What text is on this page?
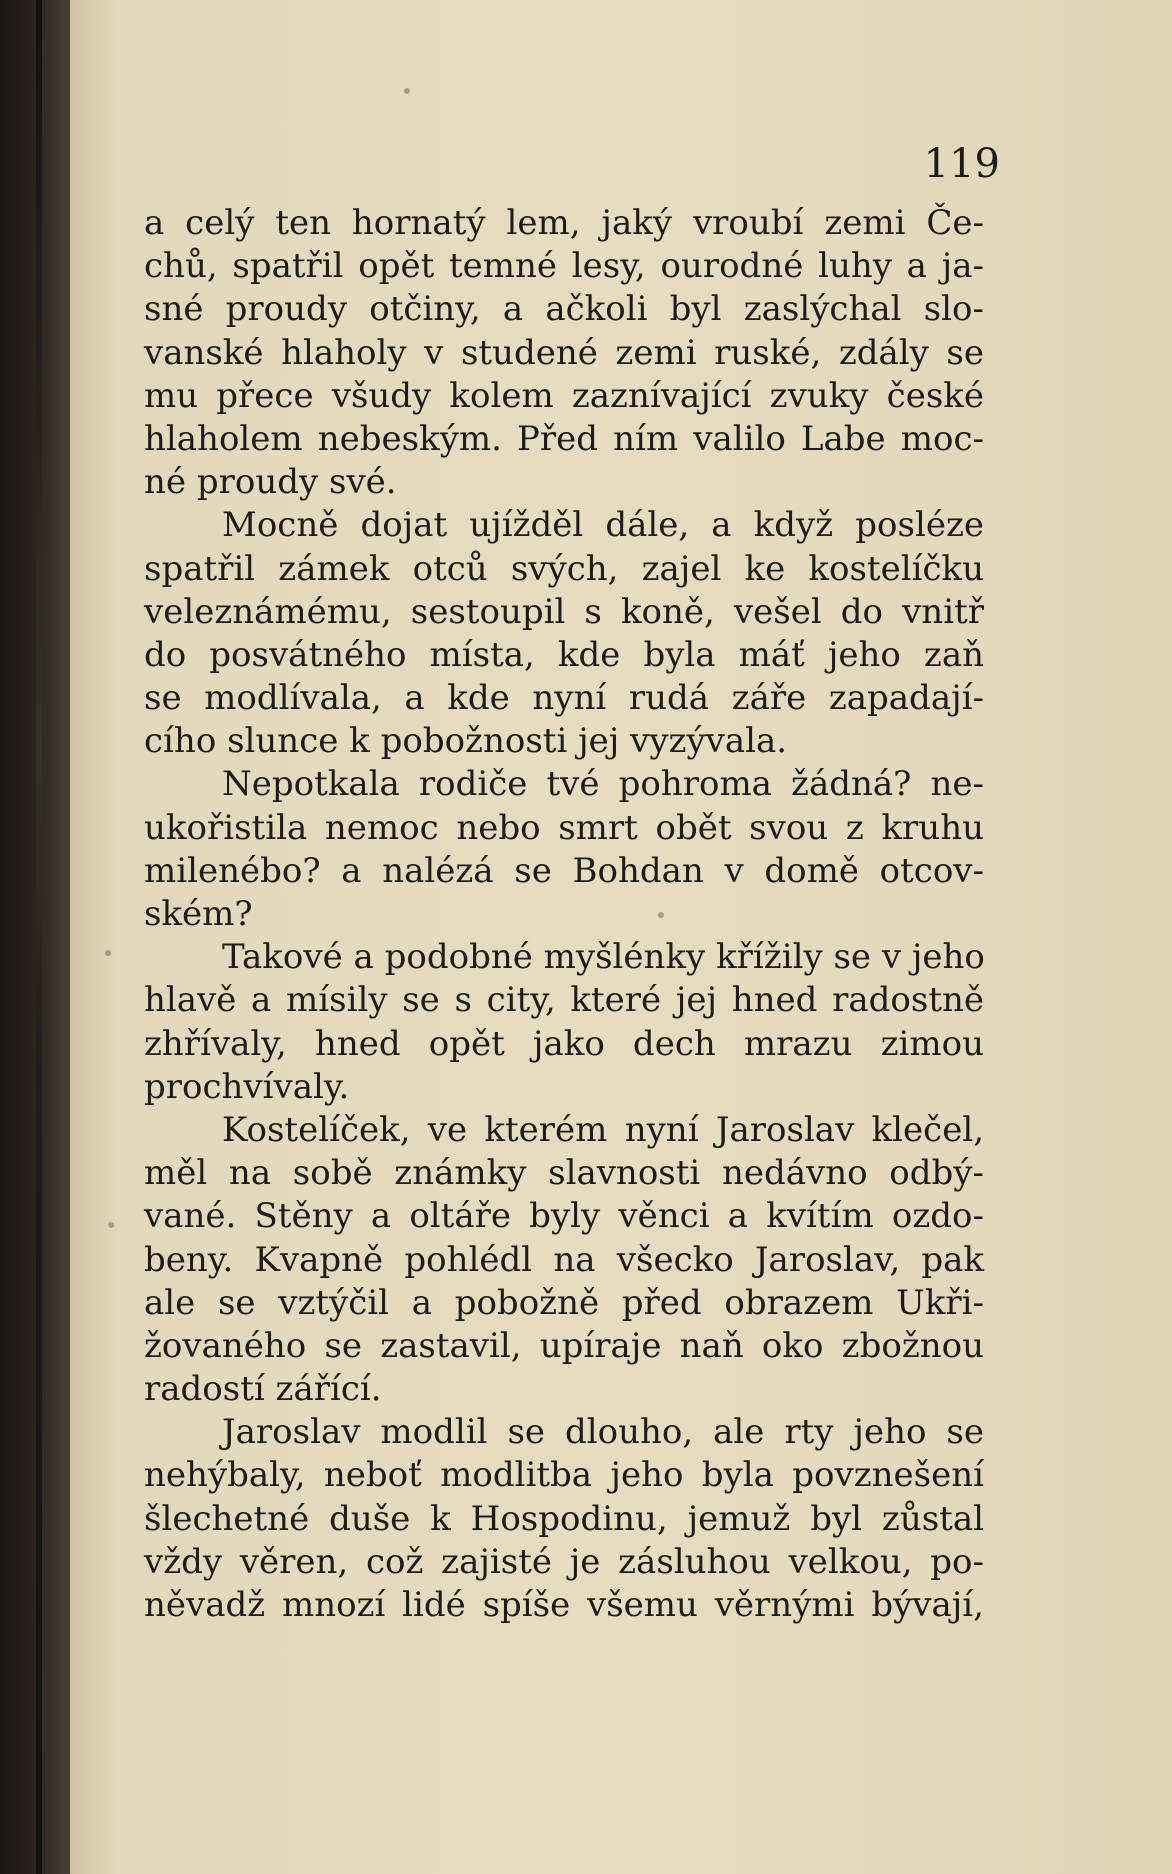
119
a celý ten hornatý lem, jaký vroubí zemi Če-
chů, spatřil opět temné lesy, ourodné luhy a ja-
sné proudy otčiny, a ačkoli byl zaslýchal slo-
vanské hlaholy v studené zemi ruské, zdály se
mu přece všudy kolem zaznívající zvuky české
hlaholem nebeským. Před ním valilo Labe moc-
né proudy své.
Mocně dojat ujížděl dále, a když posléze
spatřil zámek otců svých, zajel ke kostelíčku
veleznámému, sestoupil s koně, vešel do vnitř
do posvátného místa, kde byla máť jeho zaň
se modlívala, a kde nyní rudá záře zapadají-
cího slunce k pobožnosti jej vyzývala.
Nepotkala rodiče tvé pohroma žádná? ne-
ukořistila nemoc nebo smrt obět svou z kruhu
milenébo? a nalézá se Bohdan v domě otcov-
ském?
Takové a podobné myšlénky křížily se v jeho
hlavě a mísily se s city, které jej hned radostně
zhřívaly, hned opět jako dech mrazu zimou
prochvívaly.
Kostelíček, ve kterém nyní Jaroslav klečel,
měl na sobě známky slavnosti nedávno odbý-
vané. Stěny a oltáře byly věnci a kvítím ozdo-
beny. Kvapně pohlédl na všecko Jaroslav, pak
ale se vztýčil a pobožně před obrazem Ukři-
žovaného se zastavil, upíraje naň oko zbožnou
radostí zářící.
Jaroslav modlil se dlouho, ale rty jeho se
nehýbaly, neboť modlitba jeho byla povznešení
šlechetné duše k Hospodinu, jemuž byl zůstal
vždy věren, což zajisté je zásluhou velkou, po-
něvadž mnozí lidé spíše všemu věrnými bývají,
